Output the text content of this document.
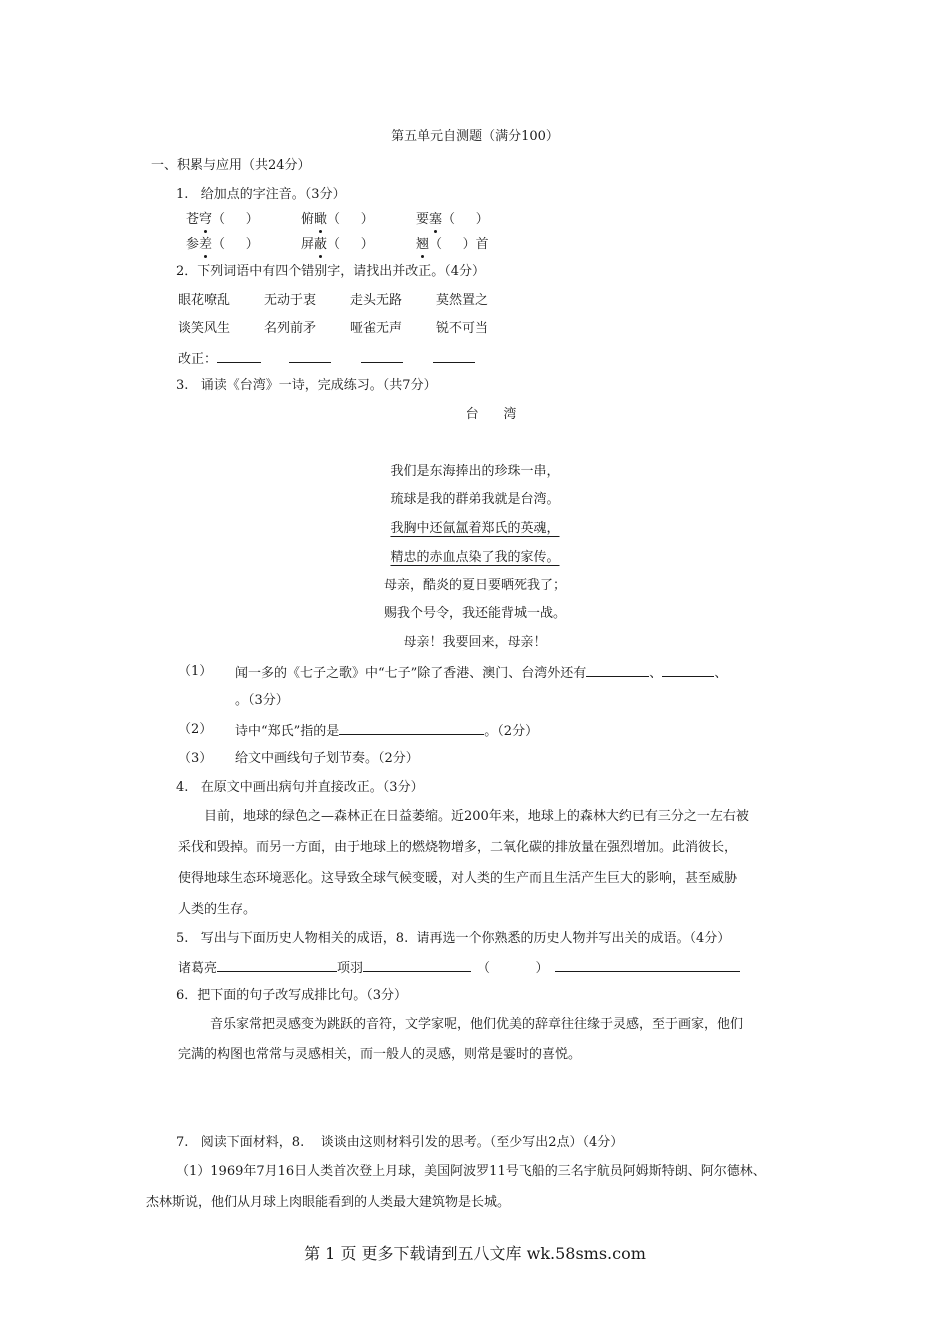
第五单元自测题（满分100）
一、积累与应用（共24分）
1.   给加点的字注音。（3分）
苍穹（     ）	俯瞰（     ）	要塞（     ）
参差（     ）	屏蔽（     ）	翘（     ）首
2．下列词语中有四个错别字，请找出并改正。（4分）
眼花嘹乱	无动于衷	走头无路	莫然置之
谈笑风生	名列前矛	哑雀无声	锐不可当
改正：
3.   诵读《台湾》一诗，完成练习。（共7分）
台      湾
我们是东海捧出的珍珠一串，
琉球是我的群弟我就是台湾。
我胸中还氤氲着郑氏的英魂，
精忠的赤血点染了我的家传。
母亲，酷炎的夏日要晒死我了；
赐我个号令，我还能背城一战。
母亲！我要回来，母亲！
（1） 闻一多的《七子之歌》中“七子”除了香港、澳门、台湾外还有	、	、
。（3分）
（2） 诗中“郑氏”指的是	。（2分）
（3） 给文中画线句子划节奏。（2分）
4.   在原文中画出病句并直接改正。（3分）
目前，地球的绿色之—森林正在日益萎缩。近200年来，地球上的森林大约已有三分之一左右被
采伐和毁掉。而另一方面，由于地球上的燃烧物增多，二氧化碳的排放量在强烈增加。此消彼长，
使得地球生态环境恶化。这导致全球气候变暖，对人类的生产而且生活产生巨大的影响，甚至威胁
人类的生存。
5.   写出与下面历史人物相关的成语，8.  请再选一个你熟悉的历史人物并写出关的成语。（4分）
诸葛亮	项羽	（           ）
6．把下面的句子改写成排比句。（3分）
音乐家常把灵感变为跳跃的音符，文学家呢，他们优美的辞章往往缘于灵感，至于画家，他们
完满的构图也常常与灵感相关，而一般人的灵感，则常是霎时的喜悦。
7.   阅读下面材料，8.    谈谈由这则材料引发的思考。（至少写出2点）（4分）
（1）1969年7月16日人类首次登上月球，美国阿波罗11号飞船的三名宇航员阿姆斯特朗、阿尔德林、
杰林斯说，他们从月球上肉眼能看到的人类最大建筑物是长城。
第 1 页 更多下载请到五八文库 wk.58sms.com
